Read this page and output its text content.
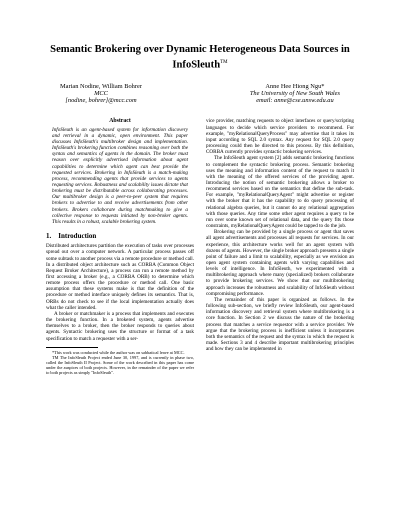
Semantic Brokering over Dynamic Heterogeneous Data Sources in InfoSleuth™
Marian Nodine, William Bohrer
MCC
[nodine, bohrer]@mcc.com
Anne Hee Hiong Ngu*
The University of New South Wales
email: anne@cse.unsw.edu.au
Abstract
InfoSleuth is an agent-based system for information discovery and retrieval in a dynamic, open environment. This paper discusses InfoSleuth's multibroker design and implementation. InfoSleuth's brokering function combines reasoning over both the syntax and semantics of agents in the domain. The broker must reason over explicitly advertised information about agent capabilities to determine which agent can best provide the requested services. Brokering in InfoSleuth is a match-making process, recommending agents that provide services to agents requesting services. Robustness and scalability issues dictate that brokering must be distributable across collaborating processes. Our multibroker design is a peer-to-peer system that requires brokers to advertise to and receive advertisements from other brokers. Brokers collaborate during matchmaking to give a collective response to requests initiated by non-broker agents. This results in a robust, scalable brokering system.
1. Introduction

Distributed architectures partition the execution of tasks over processes spread out over a computer network. A particular process passes off some subtask to another process via a remote procedure or method call. In a distributed object architecture such as CORBA (Common Object Request Broker Architecture), a process can run a remote method by first accessing a broker (e.g., a CORBA ORB) to determine which remote process offers the procedure or method call. One basic assumption that these systems make is that the definition of the procedure or method interface uniquely defines its semantics. That is, ORBs do not check to see if the local implementation actually does what the caller intended.

A broker or matchmaker is a process that implements and executes the brokering function. In a brokered system, agents advertise themselves to a broker, then the broker responds to queries about agents. Syntactic brokering uses the structure or format of a task specification to match a requester with a ser-

*This work was conducted while the author was on sabbatical leave at MCC.
TM The InfoSleuth Project ended June 30, 1997, and is currently in phase two, called the InfoSleuth II Project. Some of the work described in this paper has come under the auspices of both projects. However, in the remainder of the paper we refer to both projects as simply "InfoSleuth".

vice provider, matching requests to object interfaces or query/scripting languages to decide which service providers to recommend. For example, "myRelationalQueryProcess" may advertise that it takes its input according to SQL 2.0 syntax. Any request for SQL 2.0 query processing could then be directed to this process. By this definition, CORBA currently provides syntactic brokering services.

The InfoSleuth agent system [2] adds semantic brokering functions to complement the syntactic brokering process. Semantic brokering uses the meaning and information content of the request to match it with the meaning of the offered services of the providing agent. Introducing the notion of semantic brokering allows a broker to recommend services based on the semantics that define the sub-task. For example, "myRelationalQueryAgent" might advertise or register with the broker that it has the capability to do query processing of relational algebra queries, but it cannot do any relational aggregation with those queries. Any time some other agent requires a query to be run over some known set of relational data, and the query fits those constraints, myRelationalQueryAgent could be tapped to do the job.

Brokering can be provided by a single process or agent that saves all agent advertisements and processes all requests for services. In our experience, this architecture works well for an agent system with dozens of agents. However, the single broker approach presents a single point of failure and a limit to scalability, especially as we envision an open agent system containing agents with varying capabilities and levels of intelligence. In InfoSleuth, we experimented with a multibrokering approach where many (specialized) brokers collaborate to provide brokering services. We show that our multibrokering approach increases the robustness and scalability of InfoSleuth without compromising performance.

The remainder of this paper is organized as follows. In the following sub-section, we briefly review InfoSleuth, our agent-based information discovery and retrieval system where multibrokering is a core function. In Section 2 we discuss the nature of the brokering process that matches a service requestor with a service provider. We argue that the brokering process is inefficient unless it incorporates both the semantics of the request and the syntax in which the request is made. Sections 3 and 4 describe important multibrokering principles and how they can be implemented in
